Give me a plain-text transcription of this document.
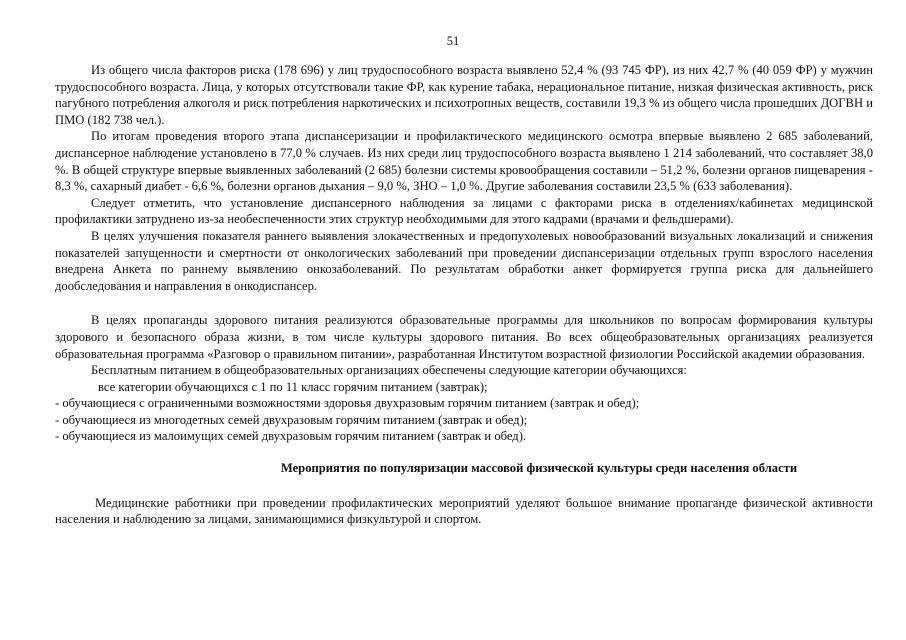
51

Из общего числа факторов риска (178 696) у лиц трудоспособного возраста выявлено 52,4 % (93 745 ФР), из них 42,7 % (40 059 ФР) у мужчин трудоспособного возраста. Лица, у которых отсутствовали такие ФР, как курение табака, нерациональное питание, низкая физическая активность, риск пагубного потребления алкоголя и риск потребления наркотических и психотропных веществ, составили 19,3 % из общего числа прошедших ДОГВН и ПМО (182 738 чел.).

По итогам проведения второго этапа диспансеризации и профилактического медицинского осмотра впервые выявлено 2 685 заболеваний, диспансерное наблюдение установлено в 77,0 % случаев. Из них среди лиц трудоспособного возраста выявлено 1 214 заболеваний, что составляет 38,0 %. В общей структуре впервые выявленных заболеваний (2 685) болезни системы кровообращения составили – 51,2 %, болезни органов пищеварения - 8,3 %, сахарный диабет - 6,6 %, болезни органов дыхания – 9,0 %, ЗНО – 1,0 %. Другие заболевания составили 23,5 % (633 заболевания).

Следует отметить, что установление диспансерного наблюдения за лицами с факторами риска в отделениях/кабинетах медицинской профилактики затруднено из-за необеспеченности этих структур необходимыми для этого кадрами (врачами и фельдшерами).

В целях улучшения показателя раннего выявления злокачественных и предопухолевых новообразований визуальных локализаций и снижения показателей запущенности и смертности от онкологических заболеваний при проведении диспансеризации отдельных групп взрослого населения внедрена Анкета по раннему выявлению онкозаболеваний. По результатам обработки анкет формируется группа риска для дальнейшего дообследования и направления в онкодиспансер.

В целях пропаганды здорового питания реализуются образовательные программы для школьников по вопросам формирования культуры здорового и безопасного образа жизни, в том числе культуры здорового питания. Во всех общеобразовательных организациях реализуется образовательная программа «Разговор о правильном питании», разработанная Институтом возрастной физиологии Российской академии образования.

Бесплатным питанием в общеобразовательных организациях обеспечены следующие категории обучающихся:

все категории обучающихся с 1 по 11 класс горячим питанием (завтрак);

- обучающиеся с ограниченными возможностями здоровья двухразовым горячим питанием (завтрак и обед);

- обучающиеся из многодетных семей двухразовым горячим питанием (завтрак и обед);

- обучающиеся из малоимущих семей двухразовым горячим питанием (завтрак и обед).

Мероприятия по популяризации массовой физической культуры среди населения области

Медицинские работники при проведении профилактических мероприятий уделяют большое внимание пропаганде физической активности населения и наблюдению за лицами, занимающимися физкультурой и спортом.
